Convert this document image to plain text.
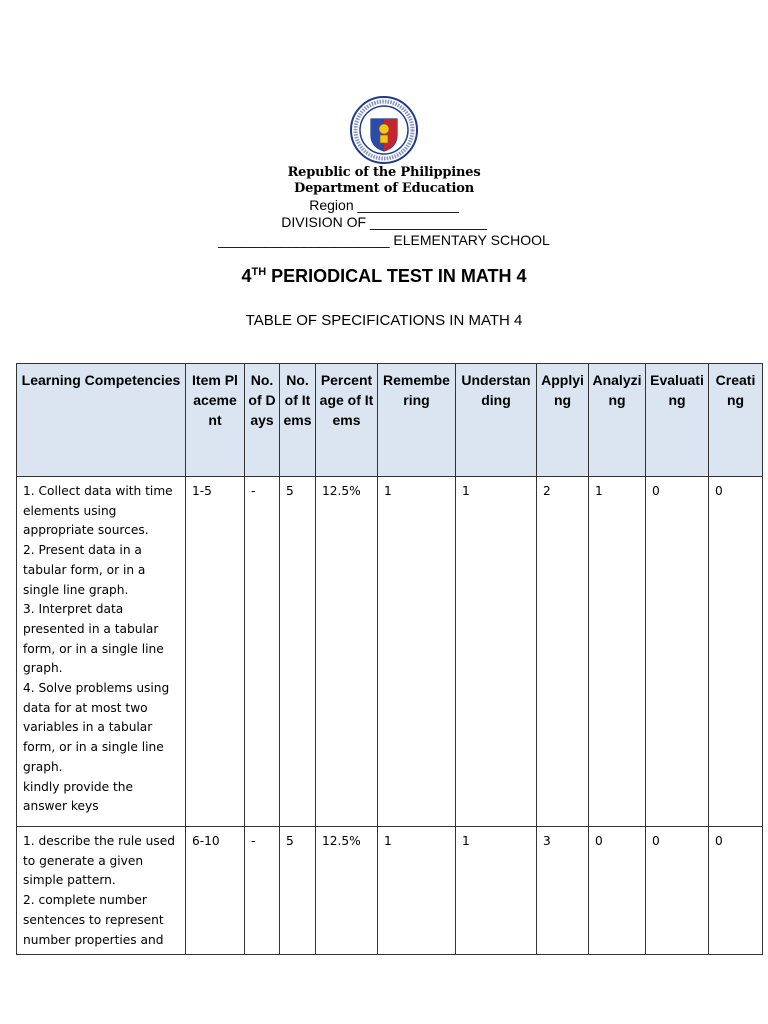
Republic of the Philippines
Department of Education
Region _____________
DIVISION OF _______________
______________________ ELEMENTARY SCHOOL
4TH PERIODICAL TEST IN MATH 4
TABLE OF SPECIFICATIONS IN MATH 4
Learning Competencies	Item Placement	No. of Days	No. of Items	Percentage of Items	Remembering	Understanding	Applying	Analyzing	Evaluating	Creating

1. Collect data with time elements using appropriate sources.
2. Present data in a tabular form, or in a single line graph.
3. Interpret data presented in a tabular form, or in a single line graph.
4. Solve problems using data for at most two variables in a tabular form, or in a single line graph.
kindly provide the answer keys	1-5	-	5	12.5%	1	1	2	1	0	0

1. describe the rule used to generate a given simple pattern.
2. complete number sentences to represent number properties and	6-10	-	5	12.5%	1	1	3	0	0	0
